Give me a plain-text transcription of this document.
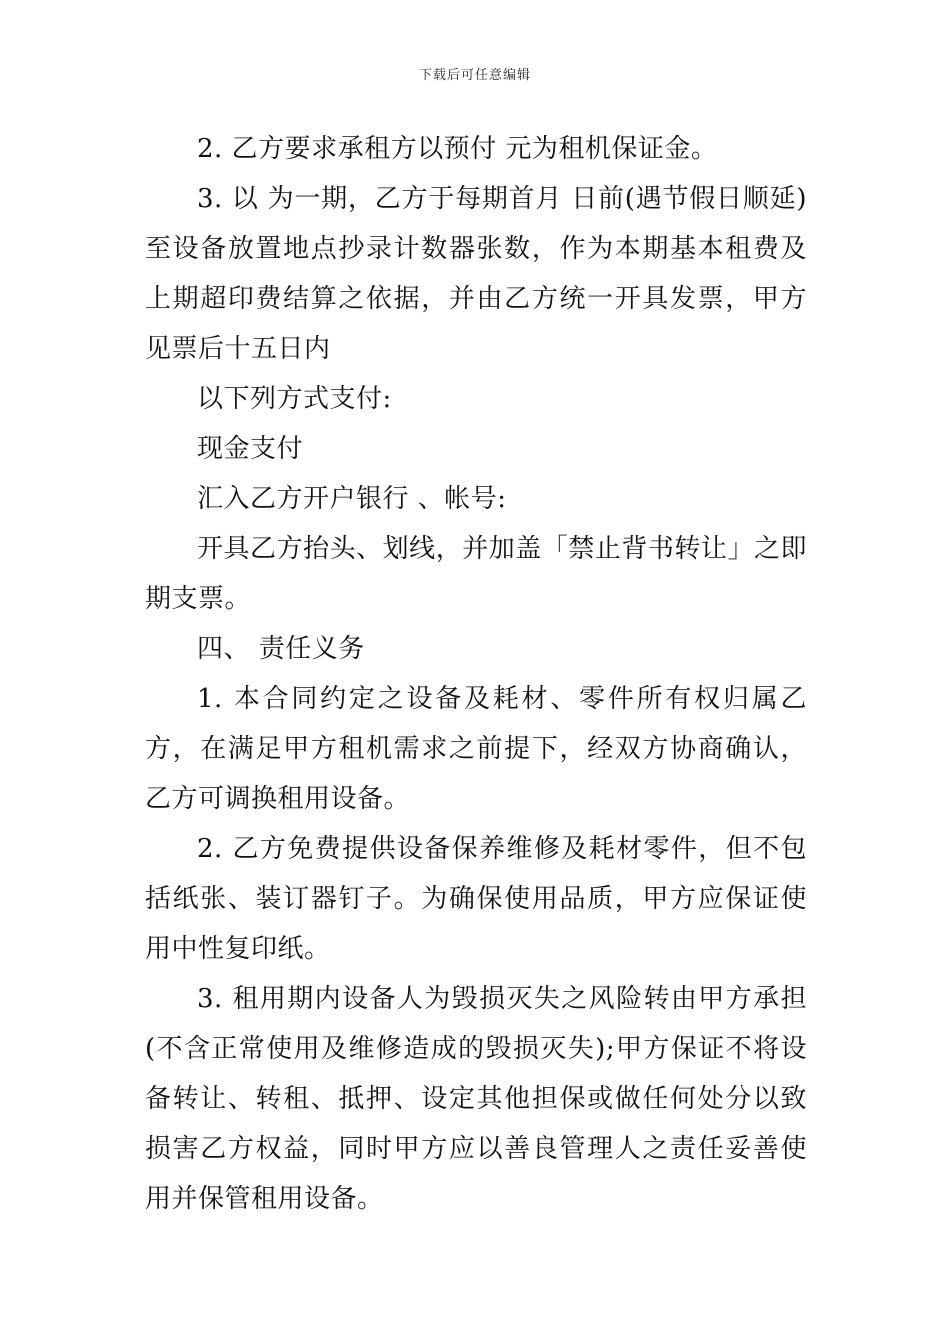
下载后可任意编辑

2. 乙方要求承租方以预付 元为租机保证金。

3. 以 为一期，乙方于每期首月 日前(遇节假日顺延)至设备放置地点抄录计数器张数，作为本期基本租费及上期超印费结算之依据，并由乙方统一开具发票，甲方见票后十五日内

以下列方式支付:

现金支付

汇入乙方开户银行 、帐号:

开具乙方抬头、划线，并加盖「禁止背书转让」之即期支票。

四、 责任义务

1. 本合同约定之设备及耗材、零件所有权归属乙方，在满足甲方租机需求之前提下，经双方协商确认，乙方可调换租用设备。

2. 乙方免费提供设备保养维修及耗材零件，但不包括纸张、装订器钉子。为确保使用品质，甲方应保证使用中性复印纸。

3. 租用期内设备人为毁损灭失之风险转由甲方承担(不含正常使用及维修造成的毁损灭失);甲方保证不将设备转让、转租、抵押、设定其他担保或做任何处分以致损害乙方权益，同时甲方应以善良管理人之责任妥善使用并保管租用设备。
